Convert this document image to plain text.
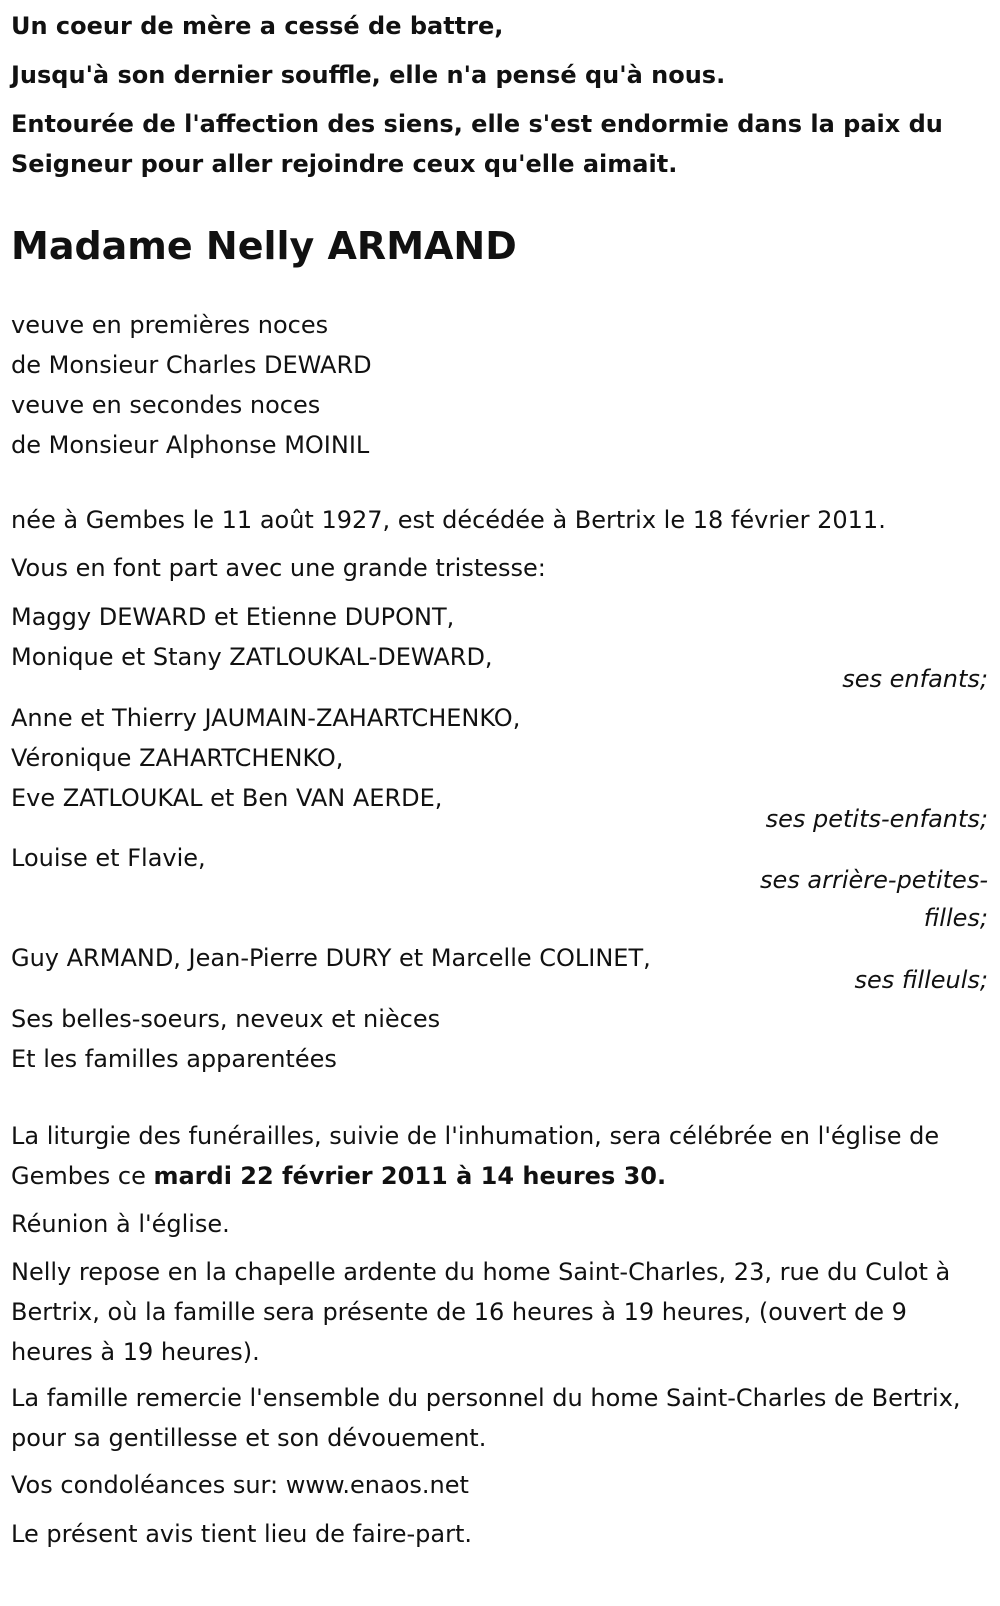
Un coeur de mère a cessé de battre,

Jusqu'à son dernier souffle, elle n'a pensé qu'à nous.

Entourée de l'affection des siens, elle s'est endormie dans la paix du Seigneur pour aller rejoindre ceux qu'elle aimait.

Madame Nelly ARMAND
veuve en premières noces
de Monsieur Charles DEWARD
veuve en secondes noces
de Monsieur Alphonse MOINIL

née à Gembes le 11 août 1927, est décédée à Bertrix le 18 février 2011.

Vous en font part avec une grande tristesse:

Maggy DEWARD et Etienne DUPONT,
Monique et Stany ZATLOUKAL-DEWARD,

ses enfants;

Anne et Thierry JAUMAIN-ZAHARTCHENKO,
Véronique ZAHARTCHENKO,
Eve ZATLOUKAL et Ben VAN AERDE,

ses petits-enfants;

Louise et Flavie,
ses arrière-petites-
filles;
Guy ARMAND, Jean-Pierre DURY et Marcelle COLINET,

ses filleuls;

Ses belles-soeurs, neveux et nièces
Et les familles apparentées

La liturgie des funérailles, suivie de l'inhumation, sera célébrée en l'église de Gembes ce mardi 22 février 2011 à 14 heures 30.

Réunion à l'église.

Nelly repose en la chapelle ardente du home Saint-Charles, 23, rue du Culot à Bertrix, où la famille sera présente de 16 heures à 19 heures, (ouvert de 9 heures à 19 heures).

La famille remercie l'ensemble du personnel du home Saint-Charles de Bertrix, pour sa gentillesse et son dévouement.

Vos condoléances sur: www.enaos.net

Le présent avis tient lieu de faire-part.
